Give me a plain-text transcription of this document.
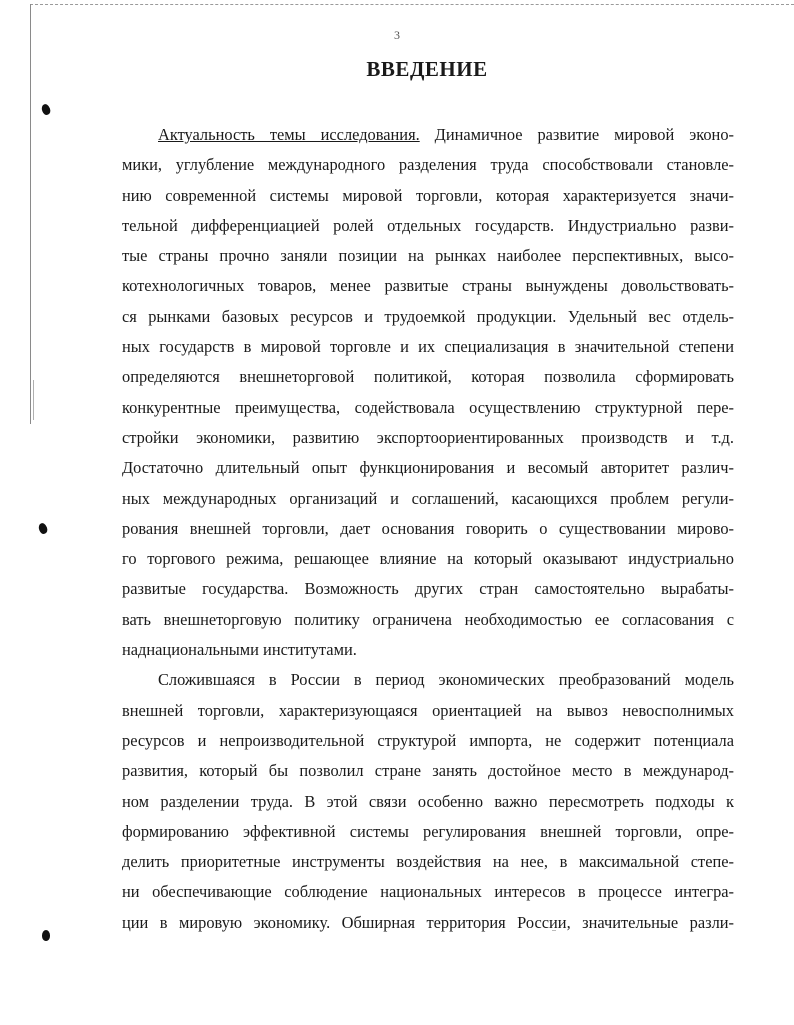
3
ВВЕДЕНИЕ
Актуальность темы исследования. Динамичное развитие мировой эконо-
мики, углубление международного разделения труда способствовали становле-
нию современной системы мировой торговли, которая характеризуется значи-
тельной дифференциацией ролей отдельных государств. Индустриально разви-
тые страны прочно заняли позиции на рынках наиболее перспективных, высо-
котехнологичных товаров, менее развитые страны вынуждены довольствовать-
ся рынками базовых ресурсов и трудоемкой продукции. Удельный вес отдель-
ных государств в мировой торговле и их специализация в значительной степени
определяются внешнеторговой политикой, которая позволила сформировать
конкурентные преимущества, содействовала осуществлению структурной пере-
стройки экономики, развитию экспортоориентированных производств и т.д.
Достаточно длительный опыт функционирования и весомый авторитет различ-
ных международных организаций и соглашений, касающихся проблем регули-
рования внешней торговли, дает основания говорить о существовании мирово-
го торгового режима, решающее влияние на который оказывают индустриально
развитые государства. Возможность других стран самостоятельно вырабаты-
вать внешнеторговую политику ограничена необходимостью ее согласования с
наднациональными институтами.
Сложившаяся в России в период экономических преобразований модель
внешней торговли, характеризующаяся ориентацией на вывоз невосполнимых
ресурсов и непроизводительной структурой импорта, не содержит потенциала
развития, который бы позволил стране занять достойное место в международ-
ном разделении труда. В этой связи особенно важно пересмотреть подходы к
формированию эффективной системы регулирования внешней торговли, опре-
делить приоритетные инструменты воздействия на нее, в максимальной степе-
ни обеспечивающие соблюдение национальных интересов в процессе интегра-
ции в мировую экономику. Обширная территория России, значительные разли-
